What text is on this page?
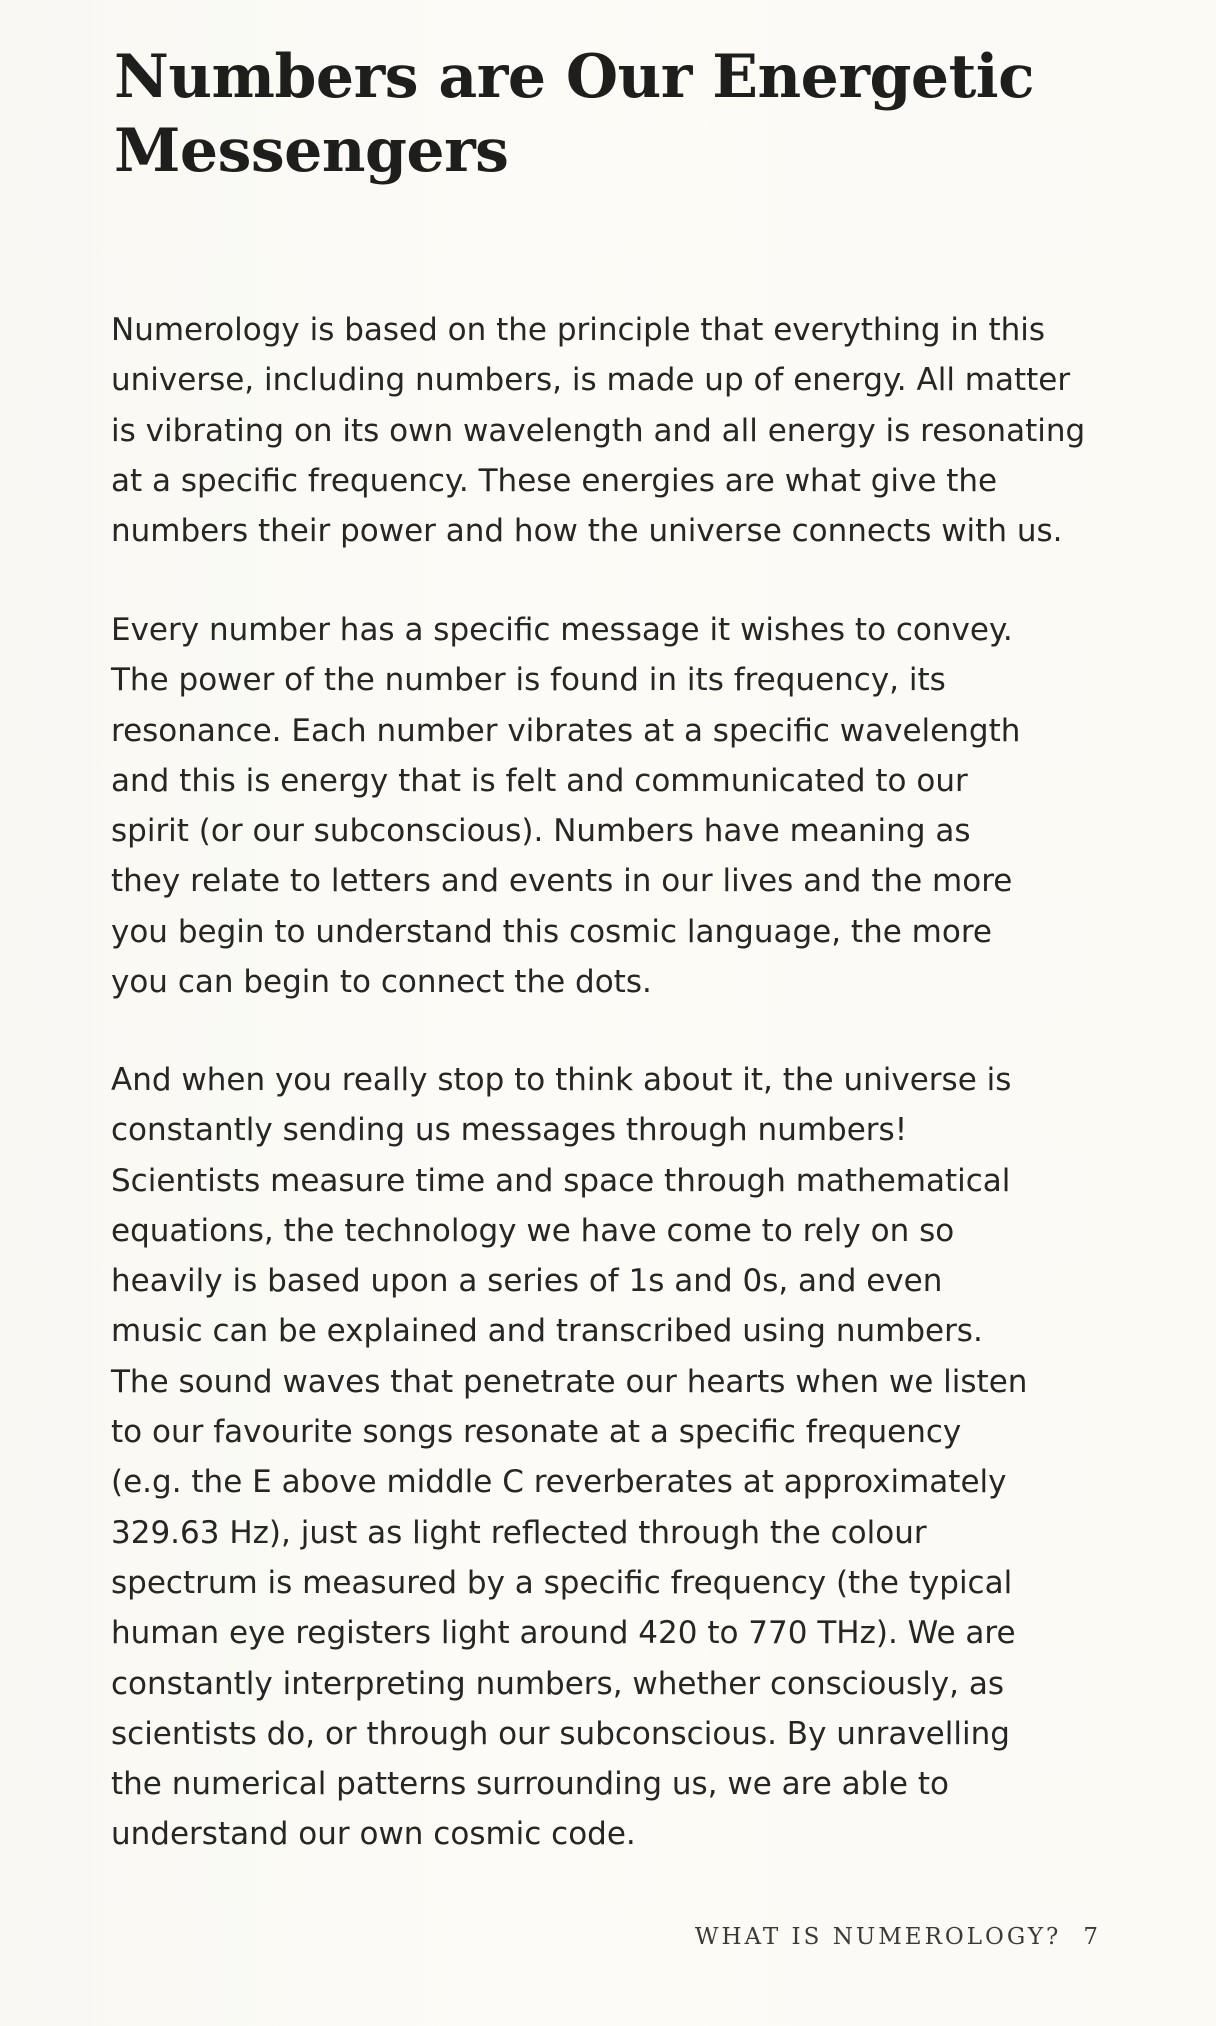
Numbers are Our Energetic
Messengers
Numerology is based on the principle that everything in this
universe, including numbers, is made up of energy. All matter
is vibrating on its own wavelength and all energy is resonating
at a specific frequency. These energies are what give the
numbers their power and how the universe connects with us.
Every number has a specific message it wishes to convey.
The power of the number is found in its frequency, its
resonance. Each number vibrates at a specific wavelength
and this is energy that is felt and communicated to our
spirit (or our subconscious). Numbers have meaning as
they relate to letters and events in our lives and the more
you begin to understand this cosmic language, the more
you can begin to connect the dots.
And when you really stop to think about it, the universe is
constantly sending us messages through numbers!
Scientists measure time and space through mathematical
equations, the technology we have come to rely on so
heavily is based upon a series of 1s and 0s, and even
music can be explained and transcribed using numbers.
The sound waves that penetrate our hearts when we listen
to our favourite songs resonate at a specific frequency
(e.g. the E above middle C reverberates at approximately
329.63 Hz), just as light reflected through the colour
spectrum is measured by a specific frequency (the typical
human eye registers light around 420 to 770 THz). We are
constantly interpreting numbers, whether consciously, as
scientists do, or through our subconscious. By unravelling
the numerical patterns surrounding us, we are able to
understand our own cosmic code.
WHAT IS NUMEROLOGY? 7
